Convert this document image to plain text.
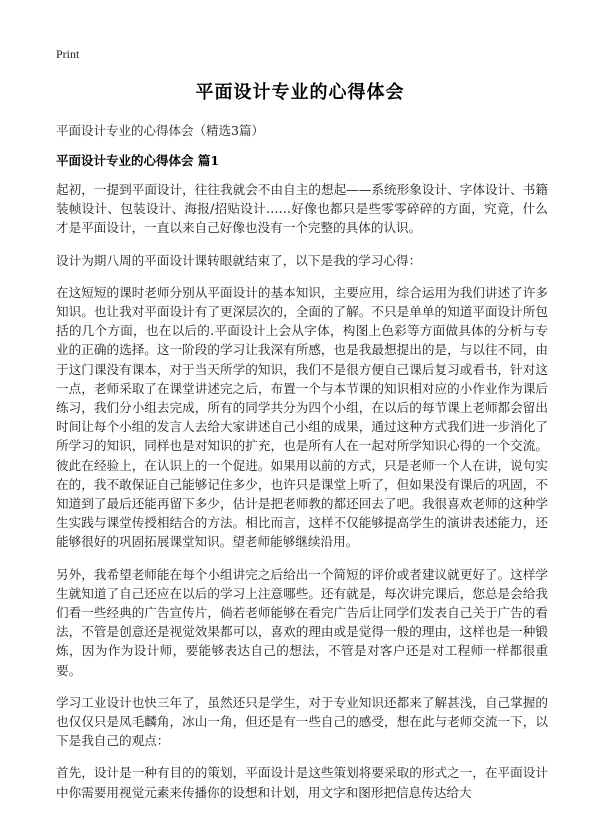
Print
平面设计专业的心得体会
平面设计专业的心得体会（精选3篇）
平面设计专业的心得体会 篇1

起初，一提到平面设计，往往我就会不由自主的想起——系统形象设计、字体设计、书籍装帧设计、包装设计、海报/招贴设计……好像也都只是些零零碎碎的方面，究竟，什么才是平面设计，一直以来自己好像也没有一个完整的具体的认识。

设计为期八周的平面设计课转眼就结束了，以下是我的学习心得：

在这短短的课时老师分别从平面设计的基本知识，主要应用，综合运用为我们讲述了许多知识。也让我对平面设计有了更深层次的，全面的了解。不只是单单的知道平面设计所包括的几个方面，也在以后的.平面设计上会从字体，构图上色彩等方面做具体的分析与专业的正确的选择。这一阶段的学习让我深有所感，也是我最想提出的是，与以往不同，由于这门课没有课本，对于当天所学的知识，我们不是很方便自己课后复习或看书，针对这一点，老师采取了在课堂讲述完之后，布置一个与本节课的知识相对应的小作业作为课后练习，我们分小组去完成，所有的同学共分为四个小组，在以后的每节课上老师都会留出时间让每个小组的发言人去给大家讲述自己小组的成果，通过这种方式我们进一步消化了所学习的知识，同样也是对知识的扩充，也是所有人在一起对所学知识心得的一个交流。彼此在经验上，在认识上的一个促进。如果用以前的方式，只是老师一个人在讲，说句实在的，我不敢保证自己能够记住多少，也许只是课堂上听了，但如果没有课后的巩固，不知道到了最后还能再留下多少，估计是把老师教的都还回去了吧。我很喜欢老师的这种学生实践与课堂传授相结合的方法。相比而言，这样不仅能够提高学生的演讲表述能力，还能够很好的巩固拓展课堂知识。望老师能够继续沿用。

另外，我希望老师能在每个小组讲完之后给出一个简短的评价或者建议就更好了。这样学生就知道了自己还应在以后的学习上注意哪些。还有就是，每次讲完课后，您总是会给我们看一些经典的广告宣传片，倘若老师能够在看完广告后让同学们发表自己关于广告的看法，不管是创意还是视觉效果都可以，喜欢的理由或是觉得一般的理由，这样也是一种锻炼，因为作为设计师，要能够表达自己的想法，不管是对客户还是对工程师一样都很重要。

学习工业设计也快三年了，虽然还只是学生，对于专业知识还都来了解甚浅，自己掌握的也仅仅只是凤毛麟角，冰山一角，但还是有一些自己的感受，想在此与老师交流一下，以下是我自己的观点：

首先，设计是一种有目的的策划，平面设计是这些策划将要采取的形式之一，在平面设计中你需要用视觉元素来传播你的设想和计划，用文字和图形把信息传达给大
